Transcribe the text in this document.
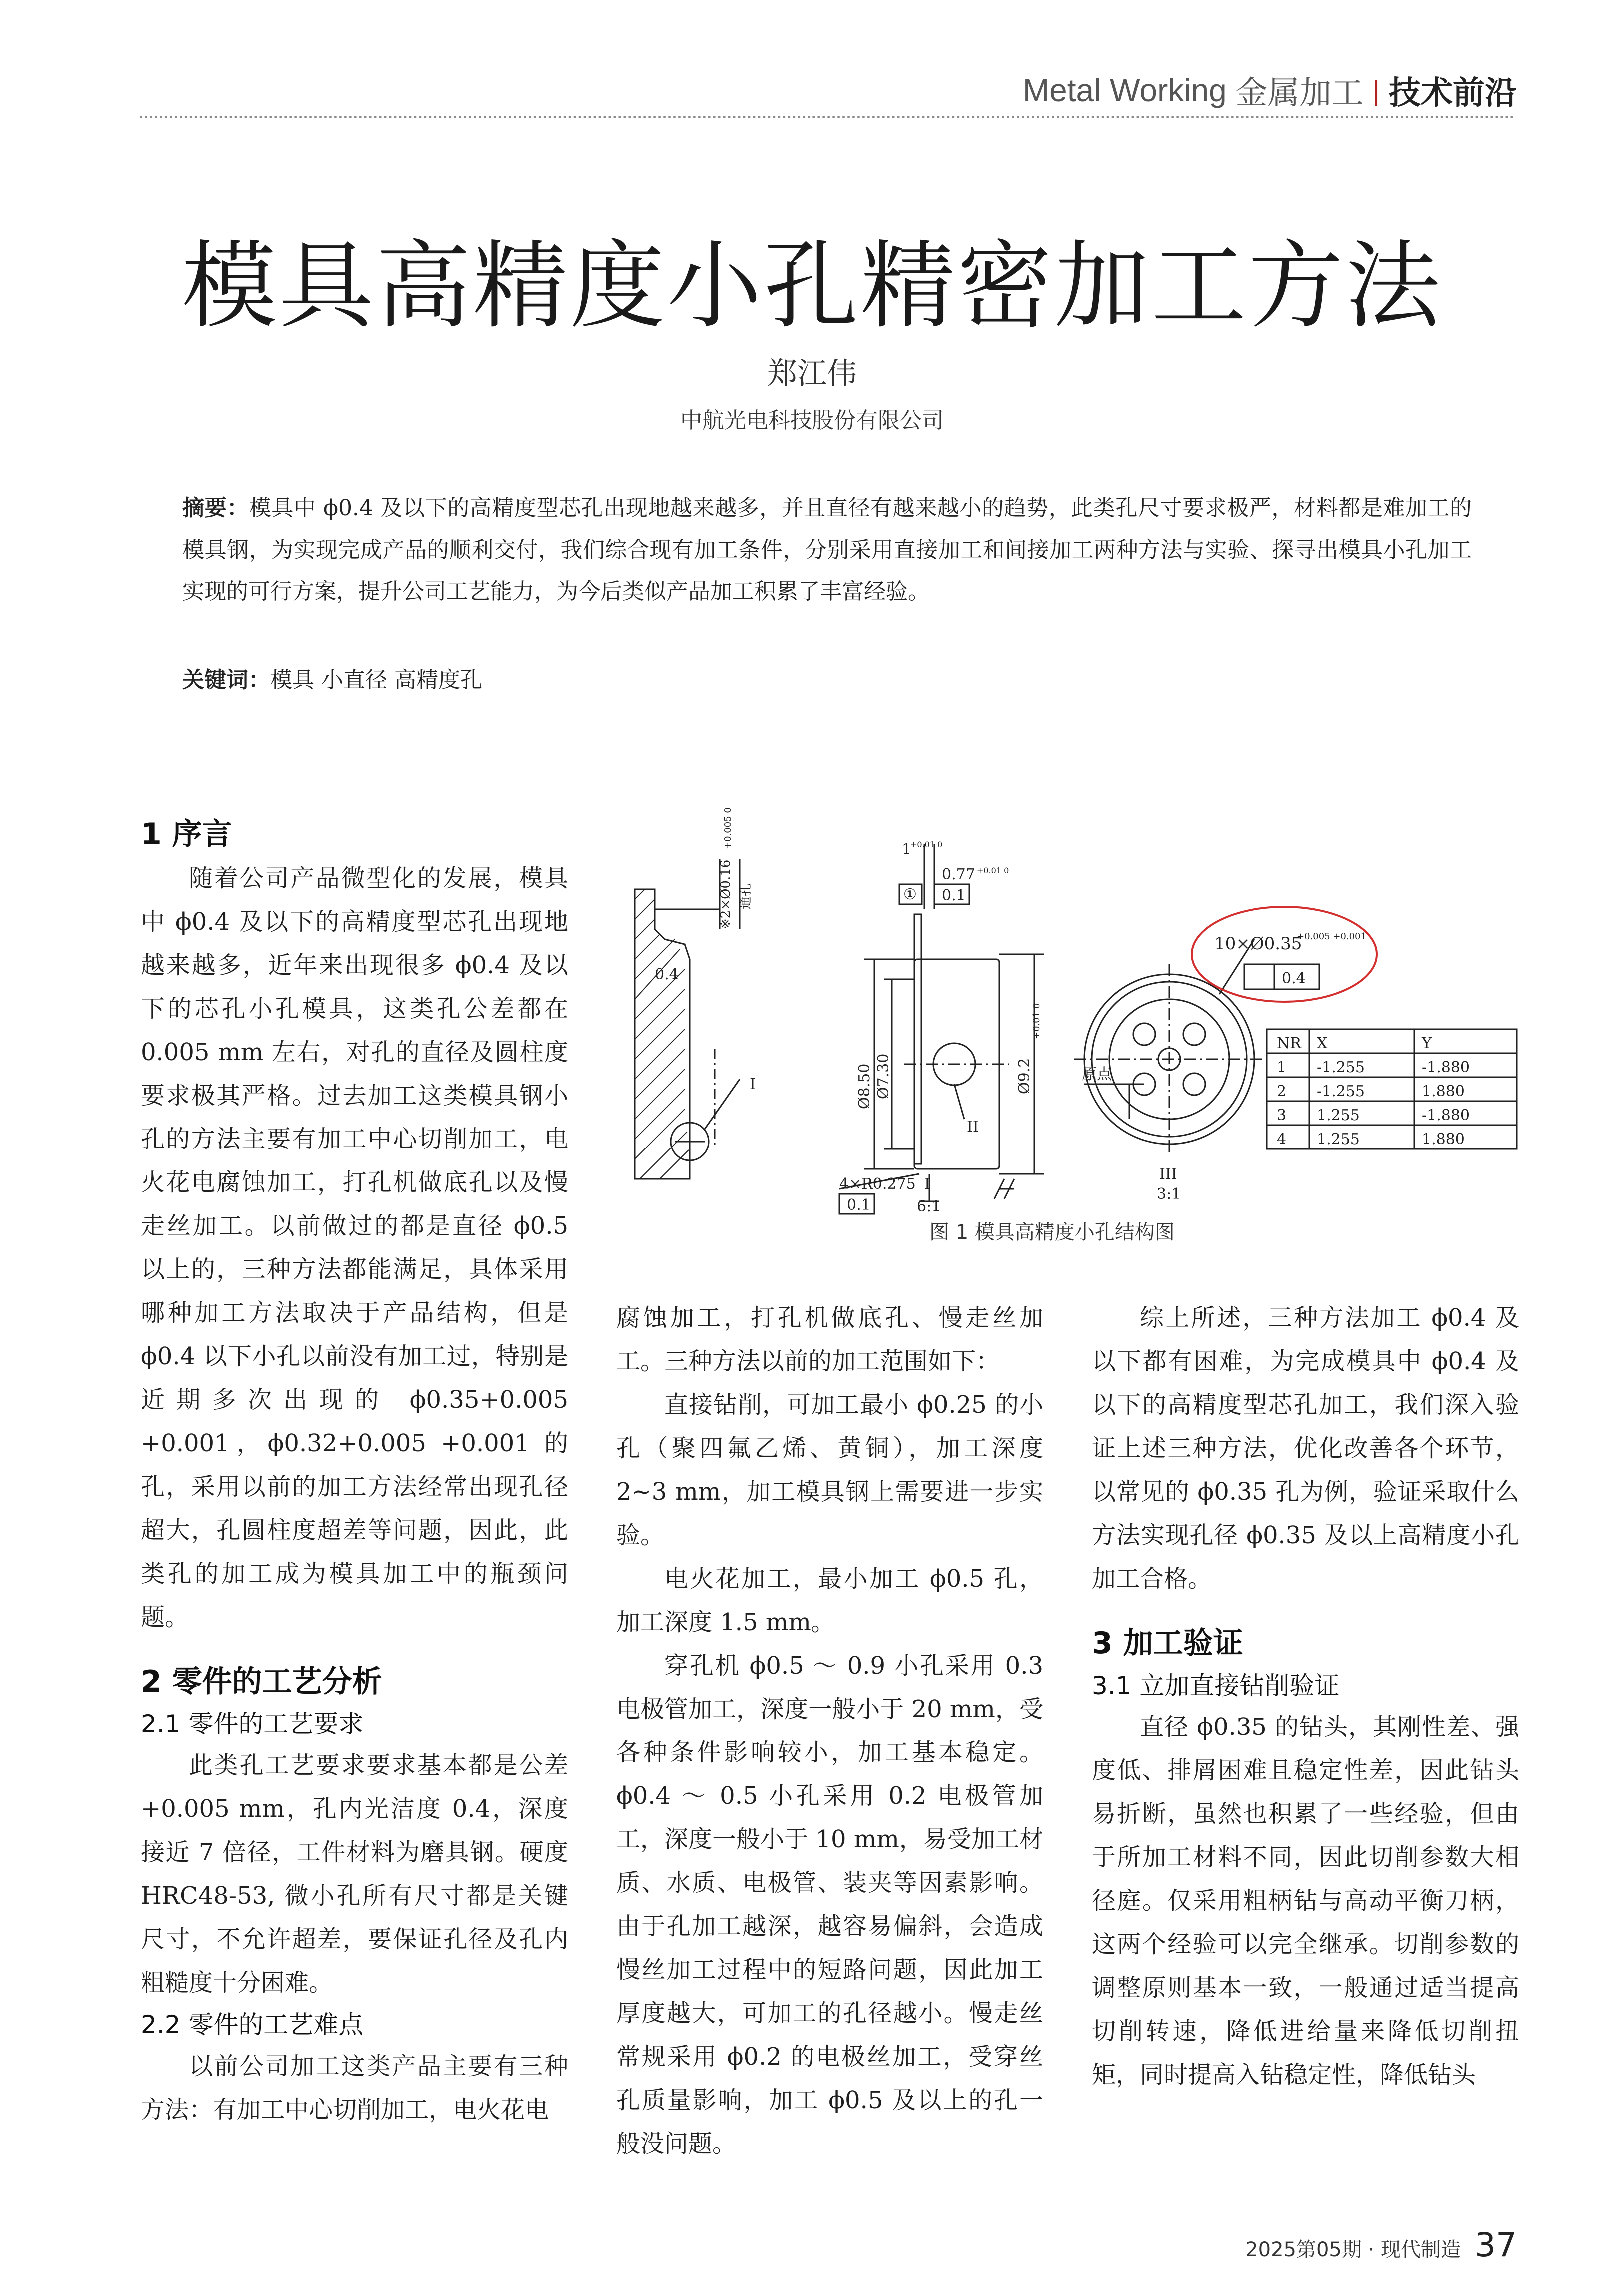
Metal Working
金属加工 | 技术前沿
模具高精度小孔精密加工方法
郑江伟
中航光电科技股份有限公司
摘要：模具中 ϕ0.4 及以下的高精度型芯孔出现地越来越多，并且直径有越来越小的趋势，此类孔尺寸要求极严，材料都是难加工的模具钢，为实现完成产品的顺利交付，我们综合现有加工条件，分别采用直接加工和间接加工两种方法与实验、探寻出模具小孔加工实现的可行方案，提升公司工艺能力，为今后类似产品加工积累了丰富经验。
关键词：模具 小直径 高精度孔
1 序言

随着公司产品微型化的发展，模具中 ϕ0.4 及以下的高精度型芯孔出现地越来越多，近年来出现很多 ϕ0.4 及以下的芯孔小孔模具，这类孔公差都在 0.005 mm 左右，对孔的直径及圆柱度要求极其严格。过去加工这类模具钢小孔的方法主要有加工中心切削加工，电火花电腐蚀加工，打孔机做底孔以及慢走丝加工。以前做过的都是直径 ϕ0.5 以上的，三种方法都能满足，具体采用哪种加工方法取决于产品结构，但是 ϕ0.4 以下小孔以前没有加工过，特别是近期多次出现的 ϕ0.35+0.005 +0.001，ϕ0.32+0.005 +0.001 的孔，采用以前的加工方法经常出现孔径超大，孔圆柱度超差等问题，因此，此类孔的加工成为模具加工中的瓶颈问题。

2 零件的工艺分析
2.1 零件的工艺要求

此类孔工艺要求要求基本都是公差 +0.005 mm，孔内光洁度 0.4，深度接近 7 倍径，工件材料为磨具钢。硬度 HRC48-53, 微小孔所有尺寸都是关键尺寸，不允许超差，要保证孔径及孔内粗糙度十分困难。

2.2 零件的工艺难点

以前公司加工这类产品主要有三种方法：有加工中心切削加工，电火花电

腐蚀加工，打孔机做底孔、慢走丝加工。三种方法以前的加工范围如下：

直接钻削，可加工最小 ϕ0.25 的小孔（聚四氟乙烯、黄铜），加工深度 2~3 mm，加工模具钢上需要进一步实验。

电火花加工，最小加工 ϕ0.5 孔，加工深度 1.5 mm。

穿孔机 ϕ0.5 ～ 0.9 小孔采用 0.3 电极管加工，深度一般小于 20 mm，受各种条件影响较小，加工基本稳定。ϕ0.4 ～ 0.5 小孔采用 0.2 电极管加工，深度一般小于 10 mm，易受加工材质、水质、电极管、装夹等因素影响。由于孔加工越深，越容易偏斜，会造成慢丝加工过程中的短路问题，因此加工厚度越大，可加工的孔径越小。慢走丝常规采用 ϕ0.2 的电极丝加工，受穿丝孔质量影响，加工 ϕ0.5 及以上的孔一般没问题。

综上所述，三种方法加工 ϕ0.4 及以下都有困难，为完成模具中 ϕ0.4 及以下的高精度型芯孔加工，我们深入验证上述三种方法，优化改善各个环节，以常见的 ϕ0.35 孔为例，验证采取什么方法实现孔径 ϕ0.35 及以上高精度小孔加工合格。

3 加工验证
3.1 立加直接钻削验证

直径 ϕ0.35 的钻头，其刚性差、强度低、排屑困难且稳定性差，因此钻头易折断，虽然也积累了一些经验，但由于所加工材料不同，因此切削参数大相径庭。仅采用粗柄钻与高动平衡刀柄，这两个经验可以完全继承。切削参数的调整原则基本一致，一般通过适当提高切削转速，降低进给量来降低切削扭矩，同时提高入钻稳定性，降低钻头

0.4
※2×Ø0.16
+0.005 0
通孔
I	Ø8.50 Ø7.30	Ø9.2
+0.01 0
4×R0.275
0.1
1
+0.01 0
①
0.77 +0.01 0
0.1
II
I
6:1
10×Ø0.35
+0.005 +0.001
0.4
原点
III
3:1
NR X	Y
1 -1.255	-1.880
2 -1.255	1.880
3 1.255	-1.880
4 1.255	1.880
图 1 模具高精度小孔结构图
2025第05期 · 现代制造 37
